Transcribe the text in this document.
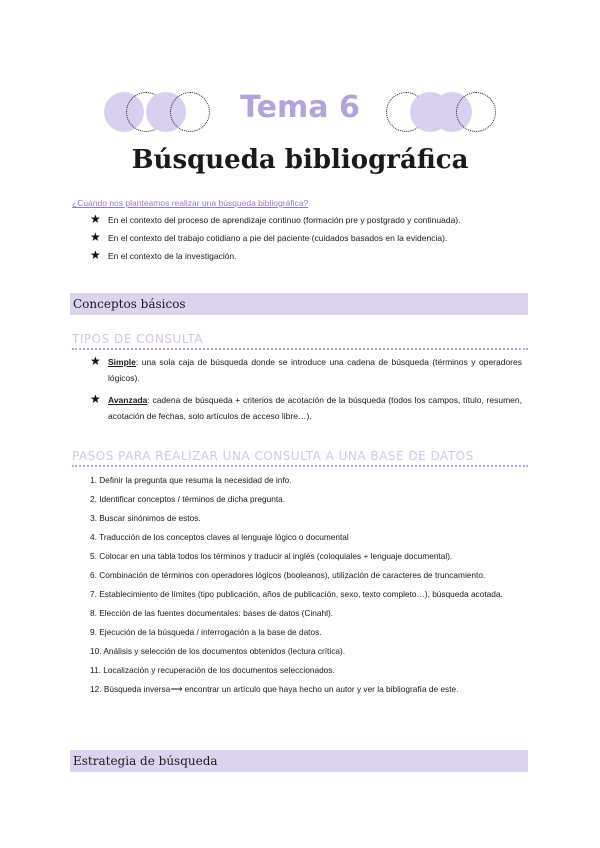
Tema 6
Búsqueda bibliográfica
¿Cuándo nos planteamos realizar una búsqueda bibliográfica?
★ En el contexto del proceso de aprendizaje continuo (formación pre y postgrado y continuada).
★ En el contexto del trabajo cotidiano a pie del paciente (cuidados basados en la evidencia).
★ En el contexto de la investigación.
Conceptos básicos
TIPOS DE CONSULTA
★ Simple: una sola caja de búsqueda donde se introduce una cadena de búsqueda (términos y operadores lógicos).
★ Avanzada: cadena de búsqueda + criterios de acotación de la búsqueda (todos los campos, título, resumen, acotación de fechas, solo artículos de acceso libre…).
PASOS PARA REALIZAR UNA CONSULTA A UNA BASE DE DATOS
1. Definir la pregunta que resuma la necesidad de info.
2. Identificar conceptos / términos de dicha pregunta.
3. Buscar sinónimos de estos.
4. Traducción de los conceptos claves al lenguaje lógico o documental
5. Colocar en una tabla todos los términos y traducir al inglés (coloquiales + lenguaje documental).
6. Combinación de términos con operadores lógicos (booleanos), utilización de caracteres de truncamiento.
7. Establecimiento de límites (tipo publicación, años de publicación, sexo, texto completo…), búsqueda acotada.
8. Elección de las fuentes documentales: bases de datos (Cinahl).
9. Ejecución de la búsqueda / interrogación a la base de datos.
10. Análisis y selección de los documentos obtenidos (lectura crítica).
11. Localización y recuperación de los documentos seleccionados.
12. Búsqueda inversa⟶ encontrar un artículo que haya hecho un autor y ver la bibliografía de este.
Estrategia de búsqueda
